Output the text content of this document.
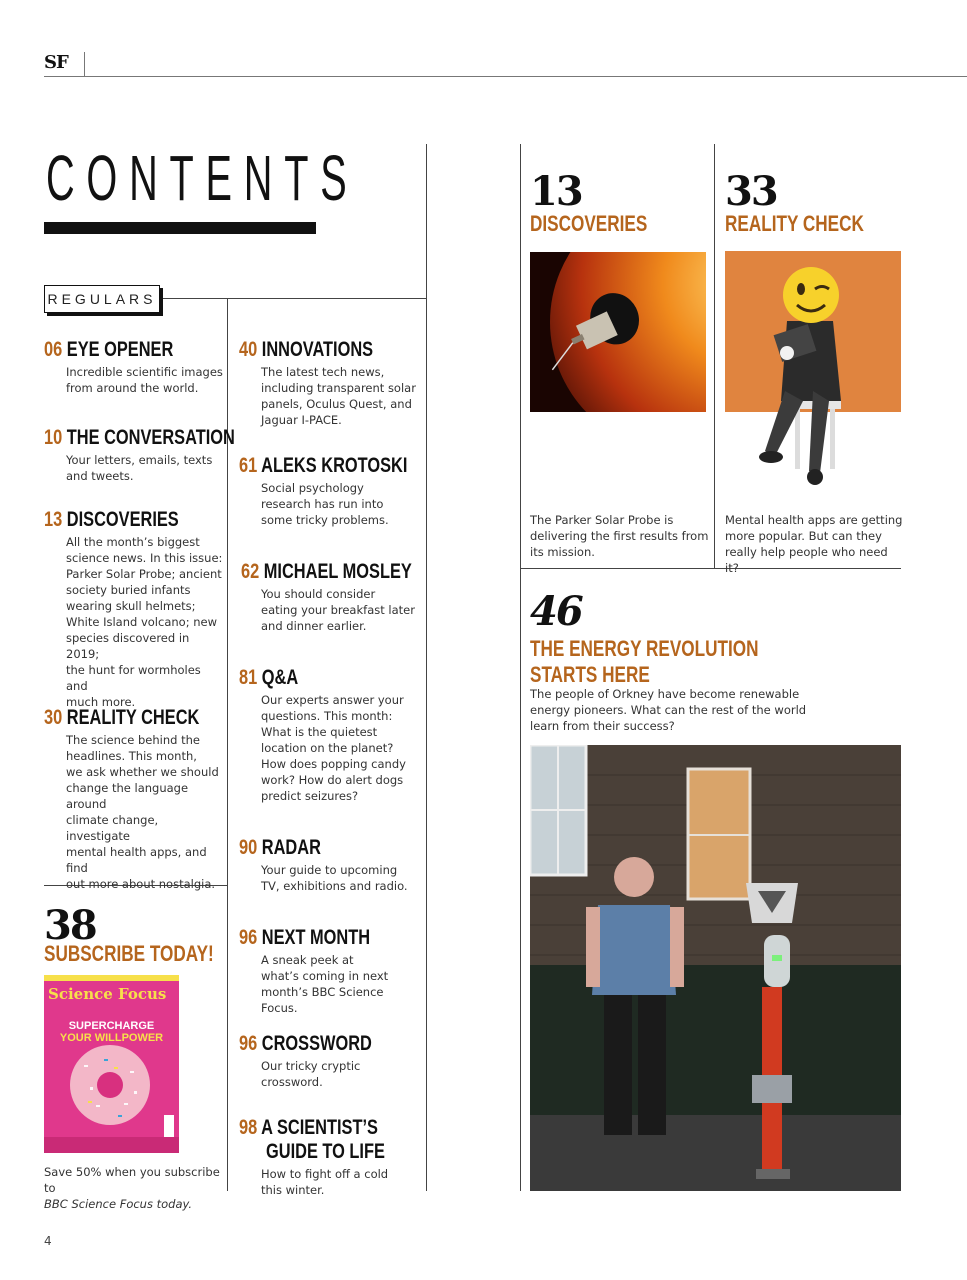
SF
CONTENTS
REGULARS
06 EYE OPENER
Incredible scientific images
from around the world.
10 THE CONVERSATION
Your letters, emails, texts
and tweets.
13 DISCOVERIES
All the month’s biggest
science news. In this issue:
Parker Solar Probe; ancient
society buried infants
wearing skull helmets;
White Island volcano; new
species discovered in 2019;
the hunt for wormholes and
much more.
30 REALITY CHECK
The science behind the
headlines. This month,
we ask whether we should
change the language around
climate change, investigate
mental health apps, and find
out more about nostalgia.
38
SUBSCRIBE TODAY!
Science Focus
SUPERCHARGE
YOUR WILLPOWER
Save 50% when you subscribe to
BBC Science Focus today.
40 INNOVATIONS
The latest tech news,
including transparent solar
panels, Oculus Quest, and
Jaguar I-PACE.
61 ALEKS KROTOSKI
Social psychology
research has run into
some tricky problems.
62 MICHAEL MOSLEY
You should consider
eating your breakfast later
and dinner earlier.
81 Q&A
Our experts answer your
questions. This month:
What is the quietest
location on the planet?
How does popping candy
work? How do alert dogs
predict seizures?
90 RADAR
Your guide to upcoming
TV, exhibitions and radio.
96 NEXT MONTH
A sneak peek at
what’s coming in next
month’s BBC Science Focus.
96 CROSSWORD
Our tricky cryptic
crossword.
98 A SCIENTIST’S
GUIDE TO LIFE
How to fight off a cold
this winter.
13
DISCOVERIES
The Parker Solar Probe is
delivering the first results from
its mission.
33
REALITY CHECK
Mental health apps are getting
more popular. But can they
really help people who need it?
46
THE ENERGY REVOLUTION
STARTS HERE
The people of Orkney have become renewable
energy pioneers. What can the rest of the world
learn from their success?
4
